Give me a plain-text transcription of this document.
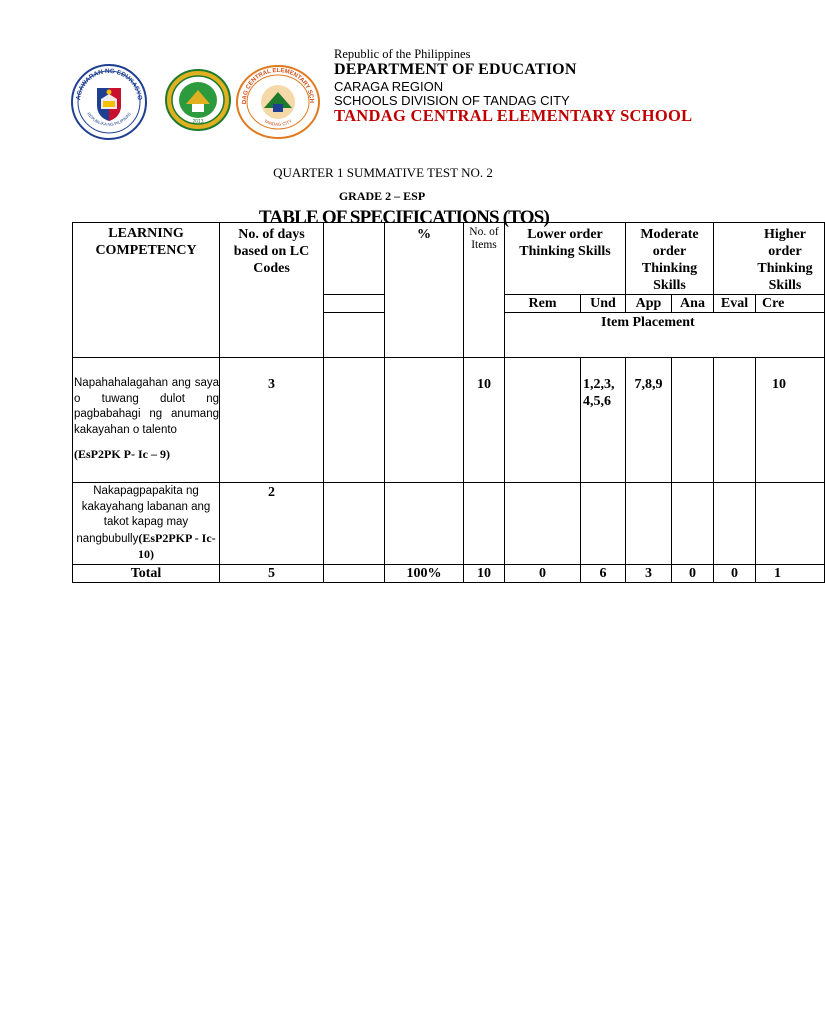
AGAWARAN NG EDUKASYO
REPUBLIKA NG PILIPINAS
2013
DAG CENTRAL ELEMENTARY SCH
TANDAG CITY
Republic of the Philippines
DEPARTMENT OF EDUCATION
CARAGA REGION
SCHOOLS DIVISION OF TANDAG CITY
TANDAG CENTRAL ELEMENTARY SCHOOL
QUARTER 1 SUMMATIVE TEST NO. 2
GRADE 2 – ESP
LEARNING COMPETENCY	No. of days based on LC Codes		%	No. of Items	Lower order Thinking Skills		Moderate order Thinking Skills		Higher order Thinking Skills	
					Rem	Und	App	Ana	Eval	Cre
					Item Placement					
Napahahalagahan ang saya o tuwang dulot ng pagbabahagi ng anumang kakayahan o talento
(EsP2PK P- Ic – 9)	3			10		1,2,3, 4,5,6	7,8,9			10
Nakapagpapakita ng kakayahang labanan ang takot kapag may nangbubully(EsP2PKP - Ic-10)	2									
Total	5		100%	10	0	6	3	0	0	1
TABLE OF SPECIFICATIONS (TOS)
